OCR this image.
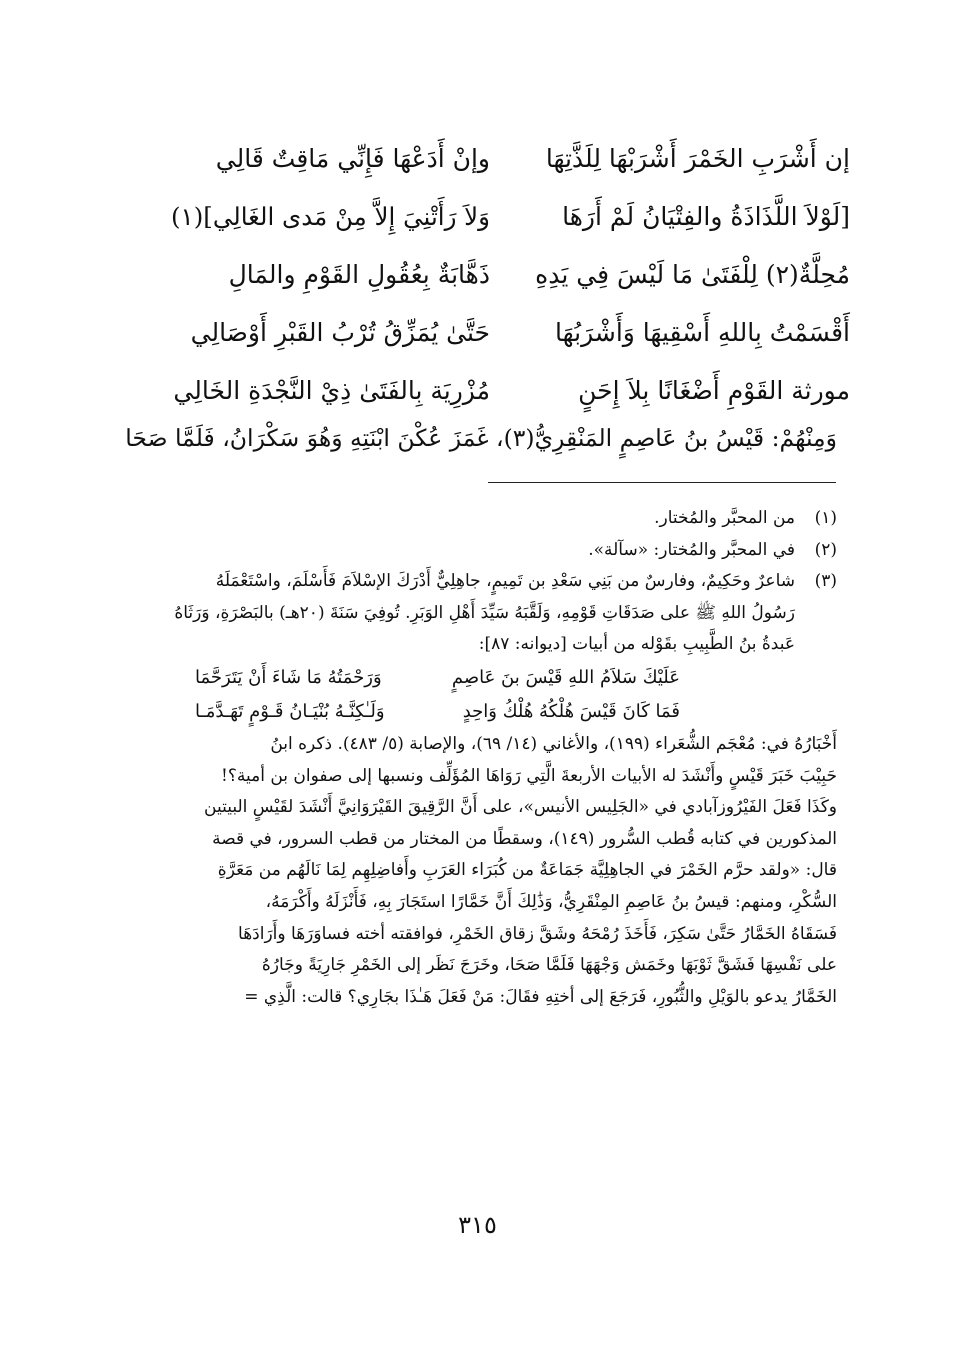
إن أَشْرَبِ الخَمْرَ أَشْرَبْهَا لِلَذَّتِهَا
وإنْ أَدَعْهَا فَإِنِّي مَاقِتٌ قَالِي
[لَوْلاَ اللَّذَاذَةُ والفِتْيَانُ لَمْ أَرَهَا
وَلاَ رَأَتْنِيَ إِلاَّ مِنْ مَدى الغَالِي](١)
مُحِلَّةٌ(٢) لِلْفَتَىٰ مَا لَيْسَ فِي يَدِهِ
ذَهَّابَةٌ بِعُقُولِ القَوْمِ والمَالِ
أَقْسَمْتُ بِاللهِ أَسْقِيهَا وَأَشْرَبُهَا
حَتَّىٰ يُمَزِّقُ تُرْبُ القَبْرِ أَوْصَالِي
مورثة القَوْمِ أَضْغَانًا بِلاَ إِحَنٍ
مُزْرِيَة بِالفَتَىٰ ذِيْ النَّجْدَةِ الخَالِي
وَمِنْهُمْ: قَيْسُ بنُ عَاصِمٍ المَنْقِرِيُّ(٣)، غَمَزَ عُكْنَ ابْنَتِهِ وَهُوَ سَكْرَانُ، فَلَمَّا صَحَا
(١)
من المحبَّر والمُختار.
(٢)
في المحبَّر والمُختار: «سآلة».
(٣)
شاعرٌ وحَكِيمٌ، وفارسٌ من بَنِي سَعْدِ بن تَمِيمٍ، جاهِلِيٌّ أَدْرَكَ الإسْلاَمَ فَأَسْلَمَ، واسْتَعْمَلَهُ
رَسُولُ اللهِ ﷺ على صَدَقَاتِ قَوْمِهِ، وَلَقَّبَهُ سَيِّدَ أَهْلِ الوَبَرِ. تُوفِيَ سَنَةَ (٢٠هـ) بالبَصْرَةِ، وَرَثَاهُ
عَبدةُ بنُ الطَّبِيبِ بقَوْله من أبيات [ديوانه: ٨٧]:
عَلَيْكَ سَلاَمُ اللهِ قَيْسَ بنَ عَاصِمٍ
وَرَحْمَتُهُ مَا شَاءَ أَنْ يَتَرَحَّمَا
فَمَا كَانَ قَيْسَ هُلْكُهُ هُلْكُ وَاحِدٍ
وَلَـٰكِنَّـهُ بُنْيَـانُ قَـوْمٍ تَهَـدَّمَـا
أَخْبَارُهُ في: مُعْجَم الشُّعَراء (١٩٩)، والأغاني (١٤/ ٦٩)، والإصابة (٥/ ٤٨٣). ذكره ابنُ
حَبِيْبَ خَبَرَ قَيْسٍ وأَنْشَدَ له الأبيات الأربعةَ الَّتِي رَوَاهَا المُؤَلِّف ونسبها إلى صفوان بن أمية؟!
وكَذَا فَعَلَ الفَيْرُوزآبادي في «الجَلِيس الأنيس»، على أَنَّ الرَّقِيقَ القَيْرَوَانِيَّ أَنْشَدَ لقَيْسٍ البيتين
المذكورين في كتابه قُطب السُّرور (١٤٩)، وسقطًا من المختار من قطب السرور، في قصة
قال: «ولقد حرَّم الخَمْرَ في الجاهِلِيَّة جَمَاعَةٌ من كُبَرَاء العَرَبِ وأَفاضِلِهِم لِمَا نَالَهُم من مَعَرَّةِ
السُّكْرِ، ومنهم: قيسُ بنُ عَاصِمِ المِنْقَرِيُّ، وَذَٰلِكَ أَنَّ خَمَّارًا استَجَارَ بِهِ، فَأَنْزَلَهُ وأَكْرَمَهُ،
فَسَقَاهُ الخَمَّارُ حَتَّىٰ سَكِرَ، فَأَخَذَ رُمْحَهُ وشَقَّ زقاق الخَمْرِ، فوافقته أخته فساوَرَهَا وأَرَادَهَا
على نَفْسِهَا فَشَقَّ ثَوْبَهَا وخَمَش وَجْهَهَا فَلَمَّا صَحَا، وخَرَجَ نَظَر إلى الخَمْرِ جَارِيَةً وجَارُهُ
الخَمَّارُ يدعو بالوَيْلِ والثُّبُورِ، فَرَجَعَ إلى أختِهِ فقَالَ: مَنْ فَعَلَ هَـٰذَا بجَارِي؟ قالت: الَّذِي =
٣١٥
